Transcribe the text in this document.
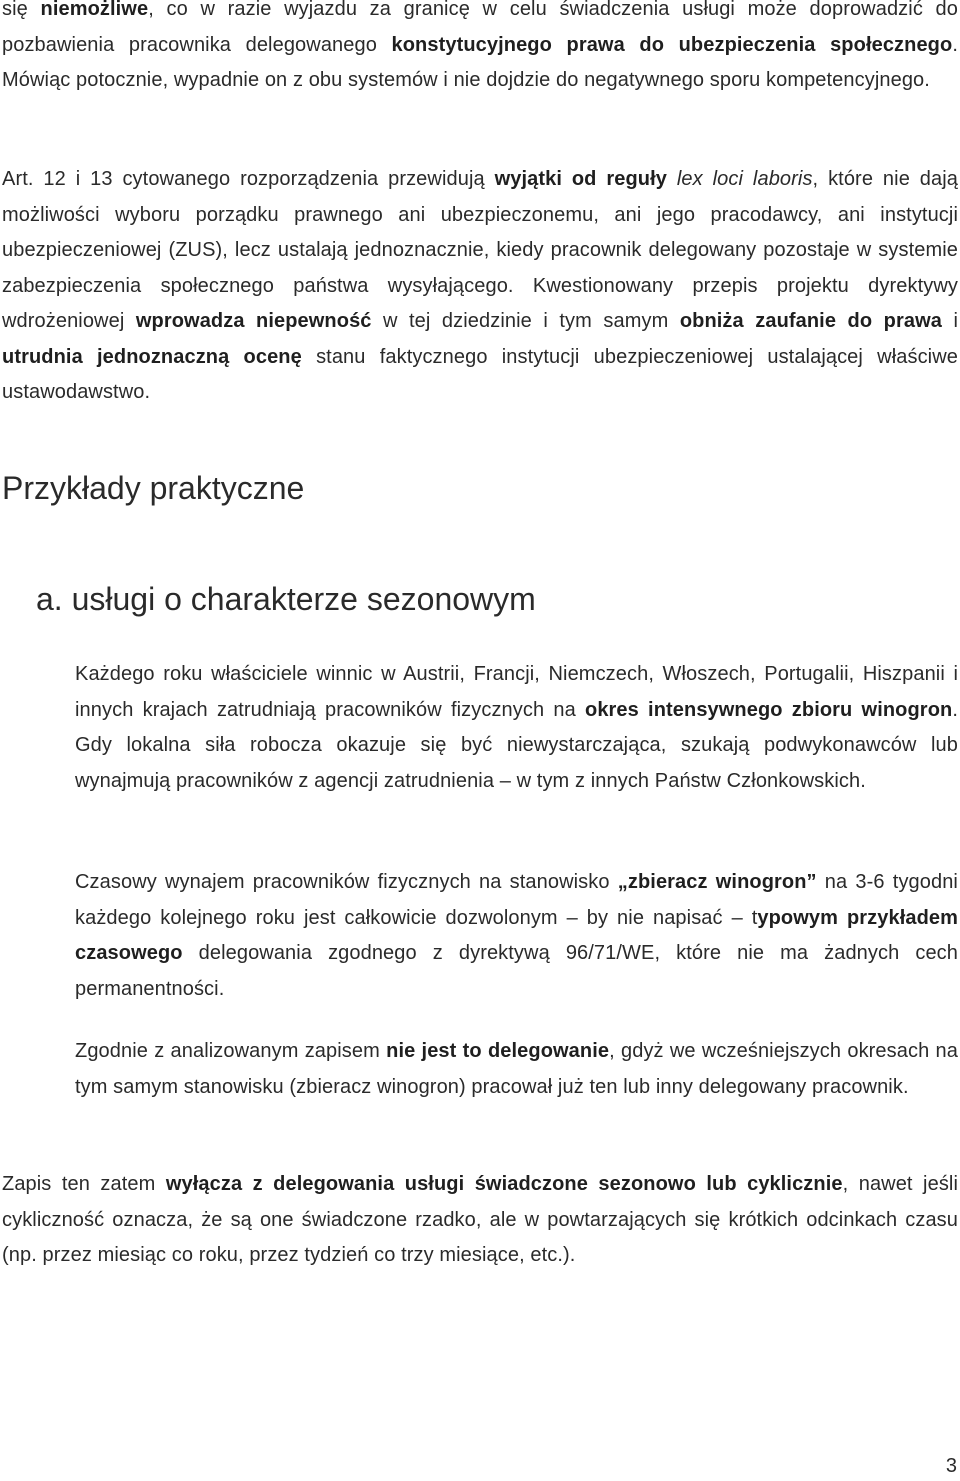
się niemożliwe, co w razie wyjazdu za granicę w celu świadczenia usługi może doprowadzić do pozbawienia pracownika delegowanego konstytucyjnego prawa do ubezpieczenia społecznego. Mówiąc potocznie, wypadnie on z obu systemów i nie dojdzie do negatywnego sporu kompetencyjnego.

Art. 12 i 13 cytowanego rozporządzenia przewidują wyjątki od reguły lex loci laboris, które nie dają możliwości wyboru porządku prawnego ani ubezpieczonemu, ani jego pracodawcy, ani instytucji ubezpieczeniowej (ZUS), lecz ustalają jednoznacznie, kiedy pracownik delegowany pozostaje w systemie zabezpieczenia społecznego państwa wysyłającego. Kwestionowany przepis projektu dyrektywy wdrożeniowej wprowadza niepewność w tej dziedzinie i tym samym obniża zaufanie do prawa i utrudnia jednoznaczną ocenę stanu faktycznego instytucji ubezpieczeniowej ustalającej właściwe ustawodawstwo.

Przykłady praktyczne
a. usługi o charakterze sezonowym

Każdego roku właściciele winnic w Austrii, Francji, Niemczech, Włoszech, Portugalii, Hiszpanii i innych krajach zatrudniają pracowników fizycznych na okres intensywnego zbioru winogron. Gdy lokalna siła robocza okazuje się być niewystarczająca, szukają podwykonawców lub wynajmują pracowników z agencji zatrudnienia – w tym z innych Państw Członkowskich.

Czasowy wynajem pracowników fizycznych na stanowisko „zbieracz winogron” na 3-6 tygodni każdego kolejnego roku jest całkowicie dozwolonym – by nie napisać – typowym przykładem czasowego delegowania zgodnego z dyrektywą 96/71/WE, które nie ma żadnych cech permanentności.

Zgodnie z analizowanym zapisem nie jest to delegowanie, gdyż we wcześniejszych okresach na tym samym stanowisku (zbieracz winogron) pracował już ten lub inny delegowany pracownik.

Zapis ten zatem wyłącza z delegowania usługi świadczone sezonowo lub cyklicznie, nawet jeśli cykliczność oznacza, że są one świadczone rzadko, ale w powtarzających się krótkich odcinkach czasu (np. przez miesiąc co roku, przez tydzień co trzy miesiące, etc.).

3
